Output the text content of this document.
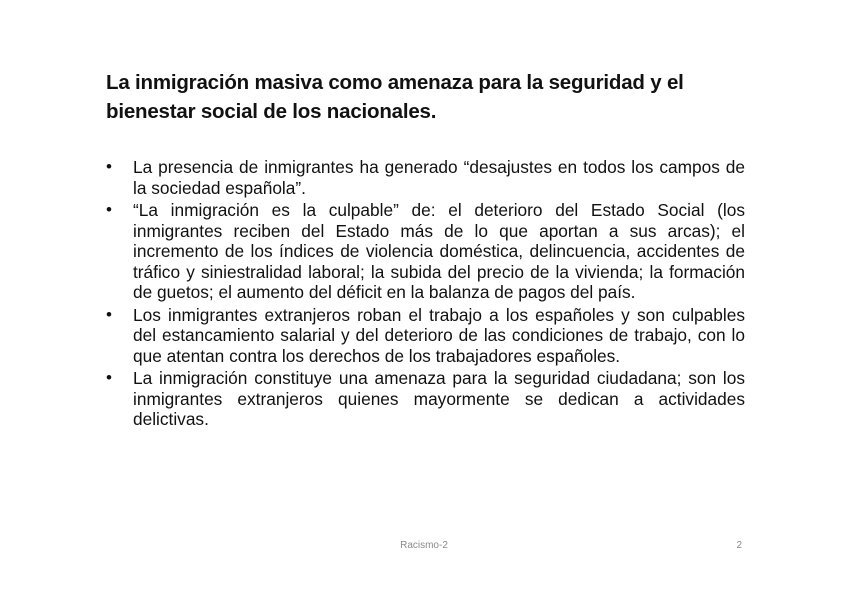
La inmigración masiva como amenaza para la seguridad y el bienestar social de los nacionales.
•	La presencia de inmigrantes ha generado “desajustes en todos los campos de la sociedad española”.
•	“La inmigración es la culpable” de: el deterioro del Estado Social (los inmigrantes reciben del Estado más de lo que aportan a sus arcas); el incremento de los índices de violencia doméstica, delincuencia, accidentes de tráfico y siniestralidad laboral; la subida del precio de la vivienda; la formación de guetos; el aumento del déficit en la balanza de pagos del país.
•	Los inmigrantes extranjeros roban el trabajo a los españoles y son culpables del estancamiento salarial y del deterioro de las condiciones de trabajo, con lo que atentan contra los derechos de los trabajadores españoles.
•	La inmigración constituye una amenaza para la seguridad ciudadana; son los inmigrantes extranjeros quienes mayormente se dedican a actividades delictivas.
Racismo-2	2
